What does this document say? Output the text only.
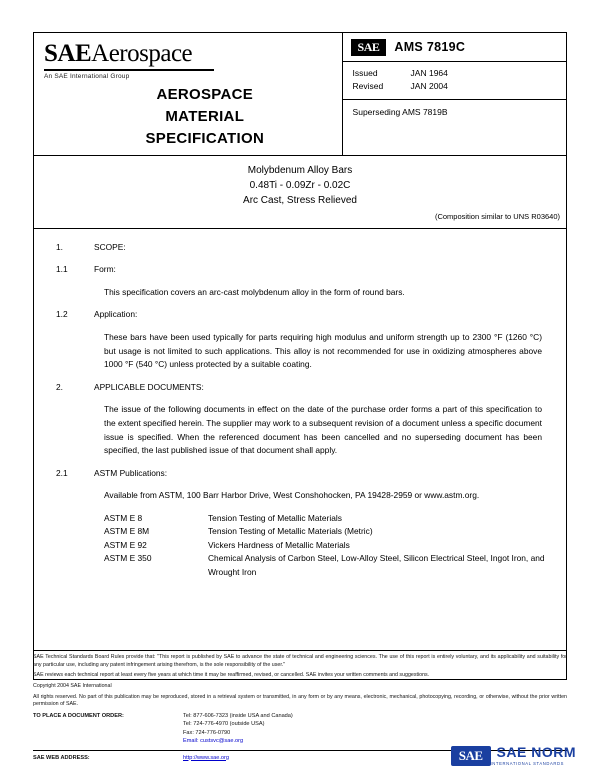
SAEAerospace
An SAE International Group
AEROSPACE
MATERIAL
SPECIFICATION
SAE	AMS 7819C
Issued	JAN 1964
Revised	JAN 2004
Superseding AMS 7819B
Molybdenum Alloy Bars
0.48Ti - 0.09Zr - 0.02C
Arc Cast, Stress Relieved
(Composition similar to UNS R03640)
1.	SCOPE:
1.1	Form:

This specification covers an arc-cast molybdenum alloy in the form of round bars.

1.2	Application:

These bars have been used typically for parts requiring high modulus and uniform strength up to 2300 °F (1260 °C) but usage is not limited to such applications. This alloy is not recommended for use in oxidizing atmospheres above 1000 °F (540 °C) unless protected by a suitable coating.

2.	APPLICABLE DOCUMENTS:

The issue of the following documents in effect on the date of the purchase order forms a part of this specification to the extent specified herein. The supplier may work to a subsequent revision of a document unless a specific document issue is specified. When the referenced document has been cancelled and no superseding document has been specified, the last published issue of that document shall apply.

2.1	ASTM Publications:

Available from ASTM, 100 Barr Harbor Drive, West Conshohocken, PA 19428-2959 or www.astm.org.

ASTM E 8	Tension Testing of Metallic Materials
ASTM E 8M	Tension Testing of Metallic Materials (Metric)
ASTM E 92	Vickers Hardness of Metallic Materials
ASTM E 350	Chemical Analysis of Carbon Steel, Low-Alloy Steel, Silicon Electrical Steel, Ingot Iron, and Wrought Iron

SAE Technical Standards Board Rules provide that: "This report is published by SAE to advance the state of technical and engineering sciences. The use of this report is entirely voluntary, and its applicability and suitability for any particular use, including any patent infringement arising therefrom, is the sole responsibility of the user."

SAE reviews each technical report at least every five years at which time it may be reaffirmed, revised, or cancelled. SAE invites your written comments and suggestions.

Copyright 2004 SAE International

All rights reserved. No part of this publication may be reproduced, stored in a retrieval system or transmitted, in any form or by any means, electronic, mechanical, photocopying, recording, or otherwise, without the prior written permission of SAE.

TO PLACE A DOCUMENT ORDER:	Tel: 877-606-7323 (inside USA and Canada)
Tel: 724-776-4970 (outside USA)
Fax: 724-776-0790
Email: custsvc@sae.org
SAE WEB ADDRESS:	http://www.sae.org	SAE	SAE NORM
INTERNATIONAL STANDARDS
